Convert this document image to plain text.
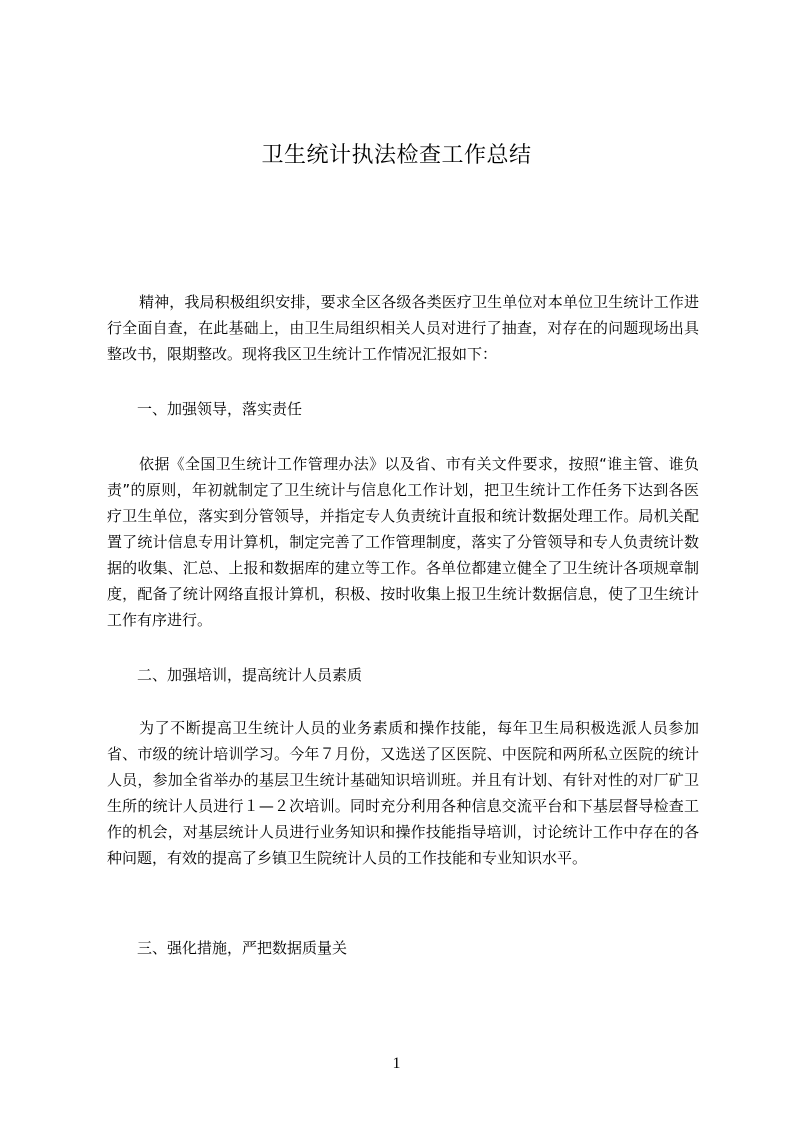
卫生统计执法检查工作总结
精神，我局积极组织安排，要求全区各级各类医疗卫生单位对本单位卫生统计工作进行全面自查，在此基础上，由卫生局组织相关人员对进行了抽查，对存在的问题现场出具整改书，限期整改。现将我区卫生统计工作情况汇报如下：
一、加强领导，落实责任
依据《全国卫生统计工作管理办法》以及省、市有关文件要求，按照“谁主管、谁负责”的原则，年初就制定了卫生统计与信息化工作计划，把卫生统计工作任务下达到各医疗卫生单位，落实到分管领导，并指定专人负责统计直报和统计数据处理工作。局机关配置了统计信息专用计算机，制定完善了工作管理制度，落实了分管领导和专人负责统计数据的收集、汇总、上报和数据库的建立等工作。各单位都建立健全了卫生统计各项规章制度，配备了统计网络直报计算机，积极、按时收集上报卫生统计数据信息，使了卫生统计工作有序进行。
二、加强培训，提高统计人员素质
为了不断提高卫生统计人员的业务素质和操作技能，每年卫生局积极选派人员参加省、市级的统计培训学习。今年７月份，又选送了区医院、中医院和两所私立医院的统计人员，参加全省举办的基层卫生统计基础知识培训班。并且有计划、有针对性的对厂矿卫生所的统计人员进行１—２次培训。同时充分利用各种信息交流平台和下基层督导检查工作的机会，对基层统计人员进行业务知识和操作技能指导培训，讨论统计工作中存在的各种问题，有效的提高了乡镇卫生院统计人员的工作技能和专业知识水平。
三、强化措施，严把数据质量关
1
